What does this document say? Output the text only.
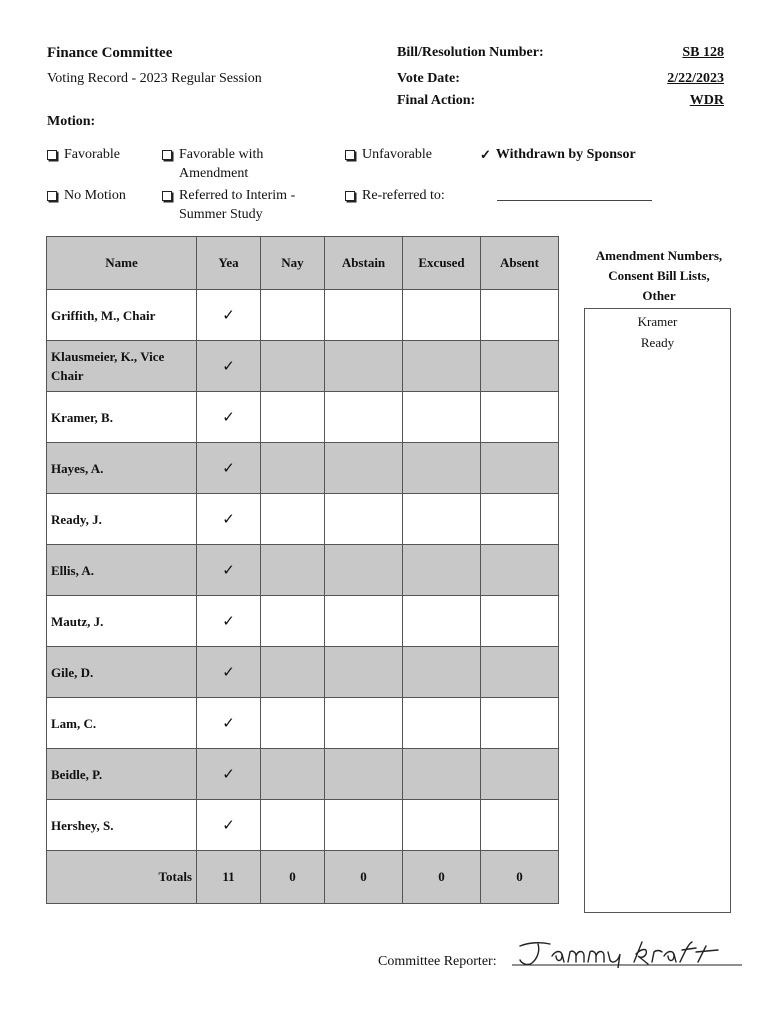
Finance Committee
Voting Record - 2023 Regular Session
Motion:
Bill/Resolution Number:	SB 128
Vote Date:	2/22/2023
Final Action:	WDR
Favorable	Favorable with
Amendment
Unfavorable	✓ Withdrawn by Sponsor
No Motion	Referred to Interim -
Summer Study
Re-referred to:
Name	Yea	Nay	Abstain	Excused	Absent
Griffith, M., Chair	✓				
Klausmeier, K., Vice Chair	✓				
Kramer, B.	✓				
Hayes, A.	✓				
Ready, J.	✓				
Ellis, A.	✓				
Mautz, J.	✓				
Gile, D.	✓				
Lam, C.	✓				
Beidle, P.	✓				
Hershey, S.	✓				
Totals	11	0	0	0	0
Amendment Numbers,
Consent Bill Lists,
Other
Kramer
Ready
Committee Reporter:
